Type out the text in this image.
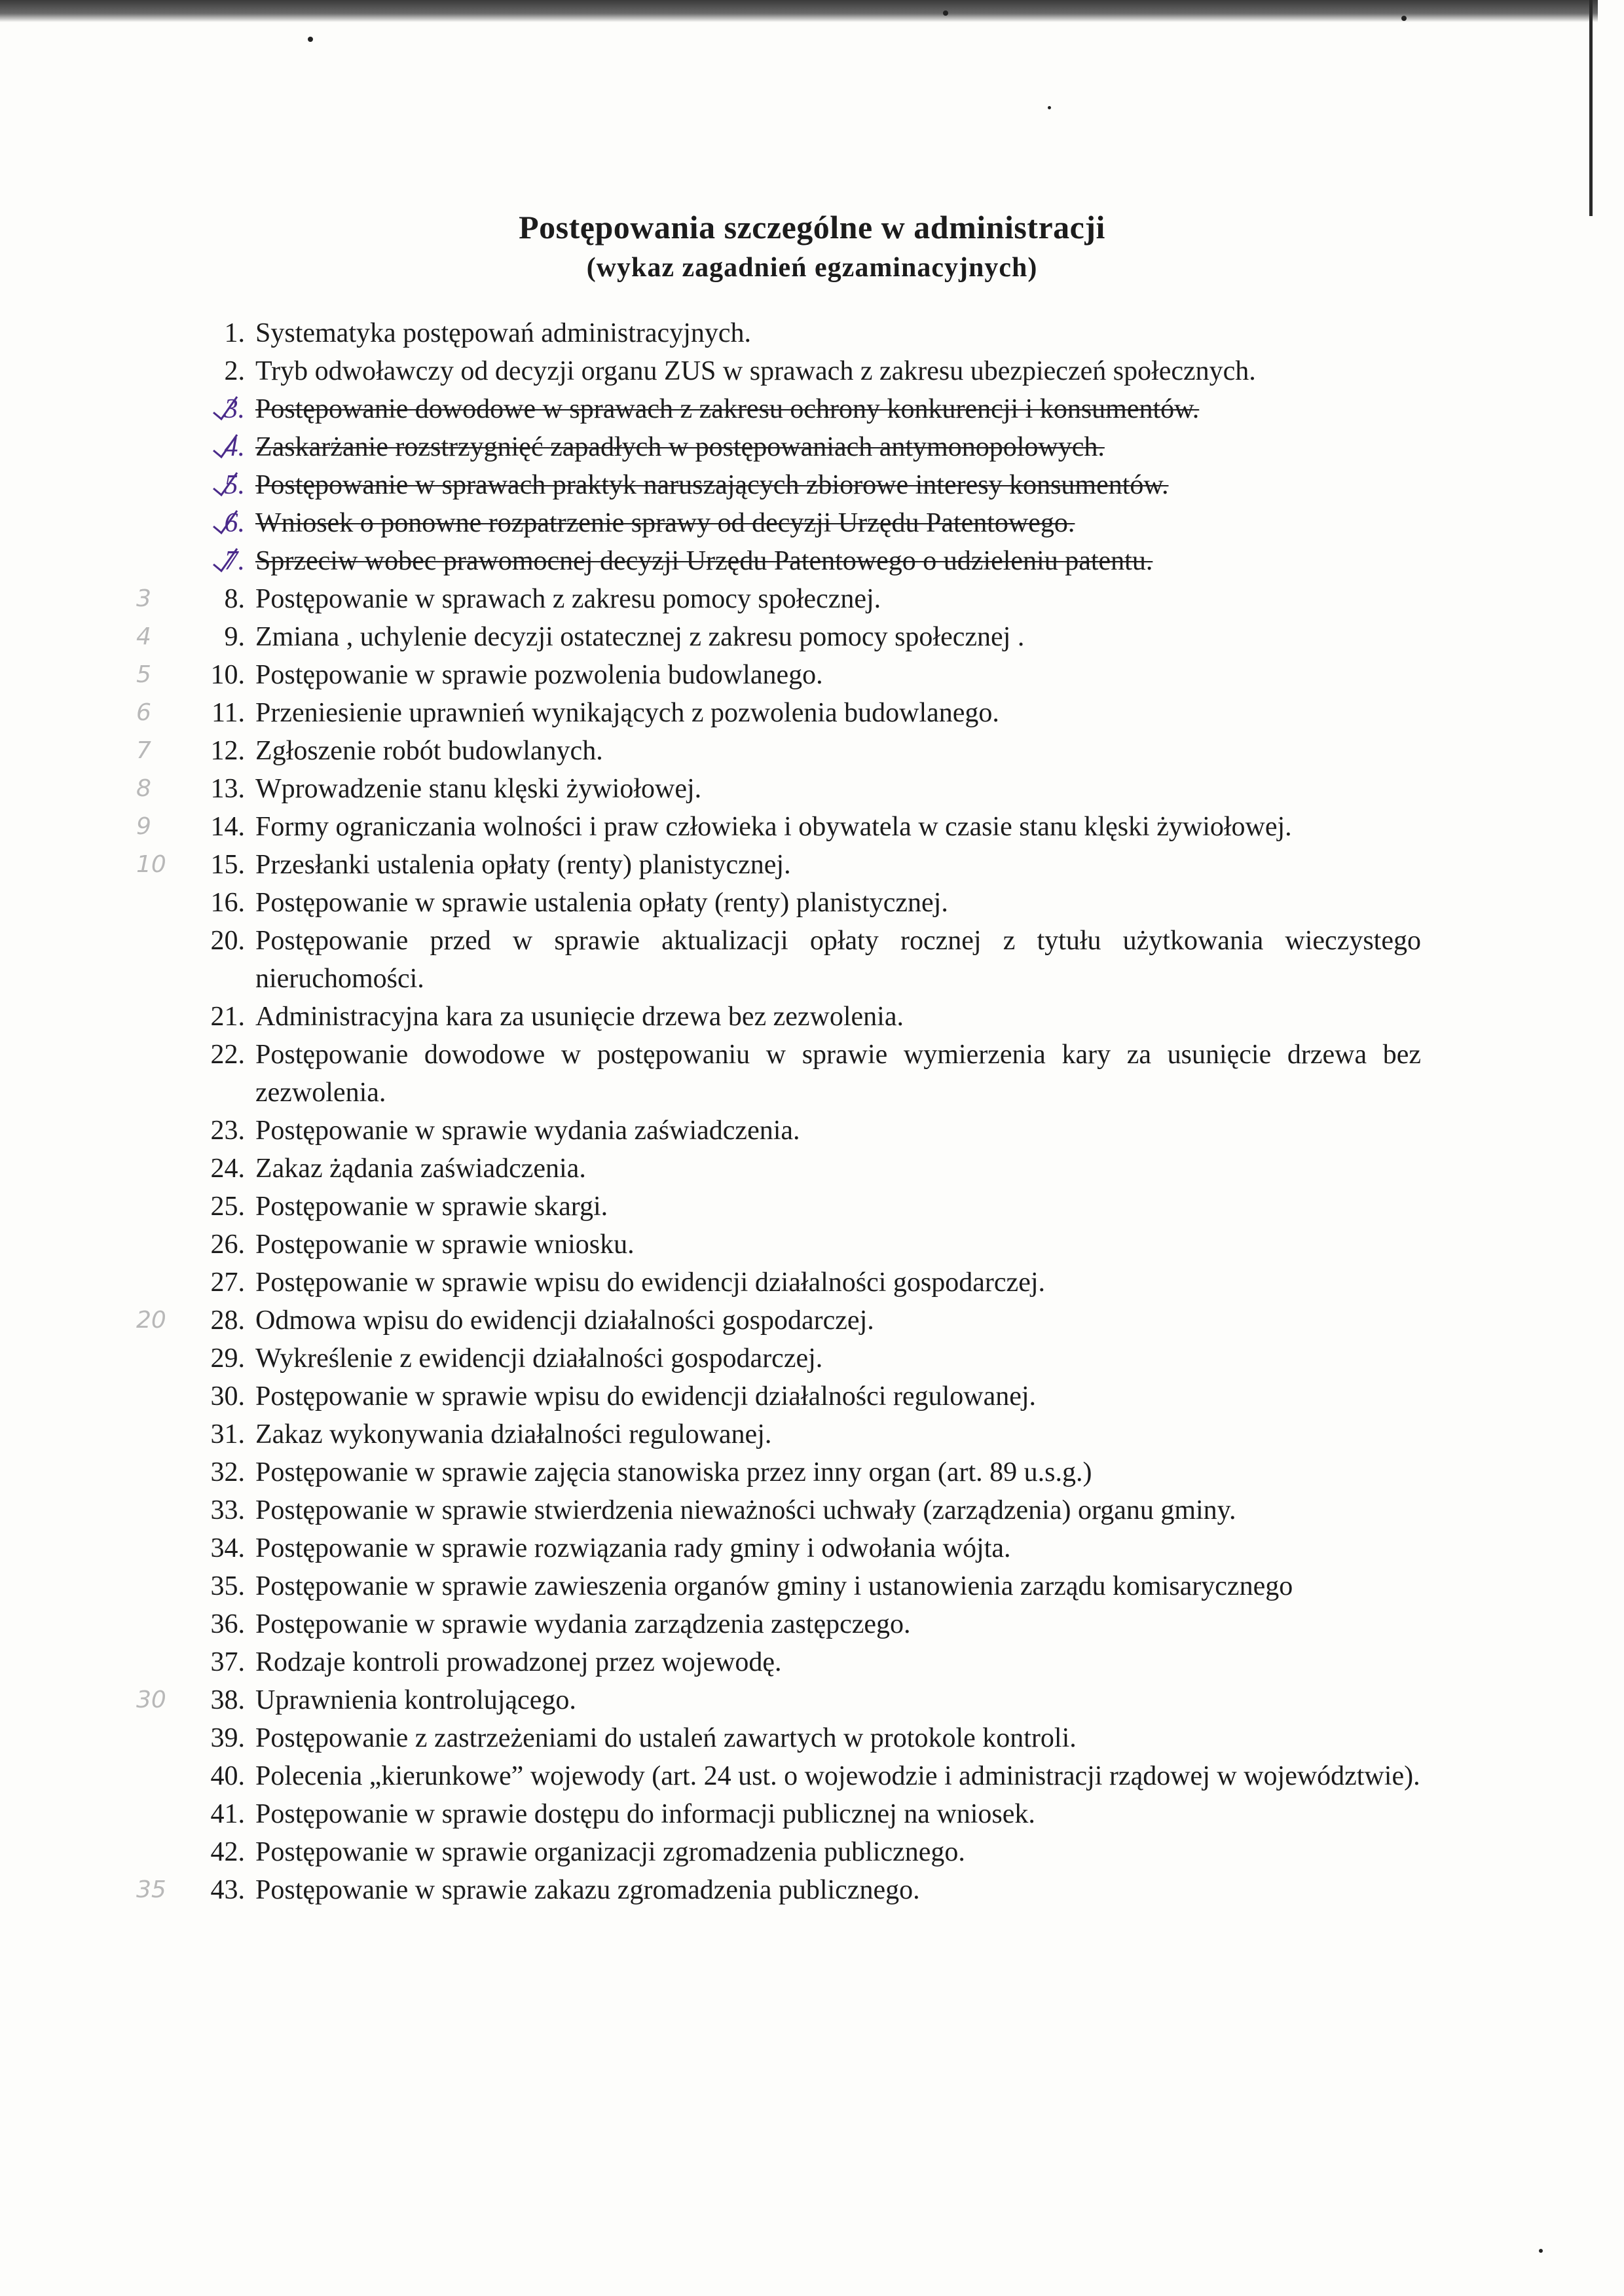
Postępowania szczególne w administracji
(wykaz zagadnień egzaminacyjnych)
1. Systematyka postępowań administracyjnych.
2. Tryb odwoławczy od decyzji organu ZUS w sprawach z zakresu ubezpieczeń społecznych.
3. Postępowanie dowodowe w sprawach z zakresu ochrony konkurencji i konsumentów.
4. Zaskarżanie rozstrzygnięć zapadłych w postępowaniach antymonopolowych.
5. Postępowanie w sprawach praktyk naruszających zbiorowe interesy konsumentów.
6. Wniosek o ponowne rozpatrzenie sprawy od decyzji Urzędu Patentowego.
7. Sprzeciw wobec prawomocnej decyzji Urzędu Patentowego o udzieleniu patentu.
3	8. Postępowanie w sprawach z zakresu pomocy społecznej.
4	9. Zmiana , uchylenie decyzji ostatecznej z zakresu pomocy społecznej .
5	10. Postępowanie w sprawie pozwolenia budowlanego.
6	11. Przeniesienie uprawnień wynikających z pozwolenia budowlanego.
7	12. Zgłoszenie robót budowlanych.
8	13. Wprowadzenie stanu klęski żywiołowej.
9	14. Formy ograniczania wolności i praw człowieka i obywatela w czasie stanu klęski żywiołowej.
10	15. Przesłanki ustalenia opłaty (renty) planistycznej.
16. Postępowanie w sprawie ustalenia opłaty (renty) planistycznej.
20. Postępowanie przed w sprawie aktualizacji opłaty rocznej z tytułu użytkowania wieczystego nieruchomości.
21. Administracyjna kara za usunięcie drzewa bez zezwolenia.
22. Postępowanie dowodowe w postępowaniu w sprawie wymierzenia kary za usunięcie drzewa bez zezwolenia.
23. Postępowanie w sprawie wydania zaświadczenia.
24. Zakaz żądania zaświadczenia.
25. Postępowanie w sprawie skargi.
26. Postępowanie w sprawie wniosku.
27. Postępowanie w sprawie wpisu do ewidencji działalności gospodarczej.
20	28. Odmowa wpisu do ewidencji działalności gospodarczej.
29. Wykreślenie z ewidencji działalności gospodarczej.
30. Postępowanie w sprawie wpisu do ewidencji działalności regulowanej.
31. Zakaz wykonywania działalności regulowanej.
32. Postępowanie w sprawie zajęcia stanowiska przez inny organ (art. 89 u.s.g.)
33. Postępowanie w sprawie stwierdzenia nieważności uchwały (zarządzenia) organu gminy.
34. Postępowanie w sprawie rozwiązania rady gminy i odwołania wójta.
35. Postępowanie w sprawie zawieszenia organów gminy i ustanowienia zarządu komisarycznego
36. Postępowanie w sprawie wydania zarządzenia zastępczego.
37. Rodzaje kontroli prowadzonej przez wojewodę.
30	38. Uprawnienia kontrolującego.
39. Postępowanie z zastrzeżeniami do ustaleń zawartych w protokole kontroli.
40. Polecenia „kierunkowe” wojewody (art. 24 ust. o wojewodzie i administracji rządowej w województwie).
41. Postępowanie w sprawie dostępu do informacji publicznej na wniosek.
42. Postępowanie w sprawie organizacji zgromadzenia publicznego.
35	43. Postępowanie w sprawie zakazu zgromadzenia publicznego.
